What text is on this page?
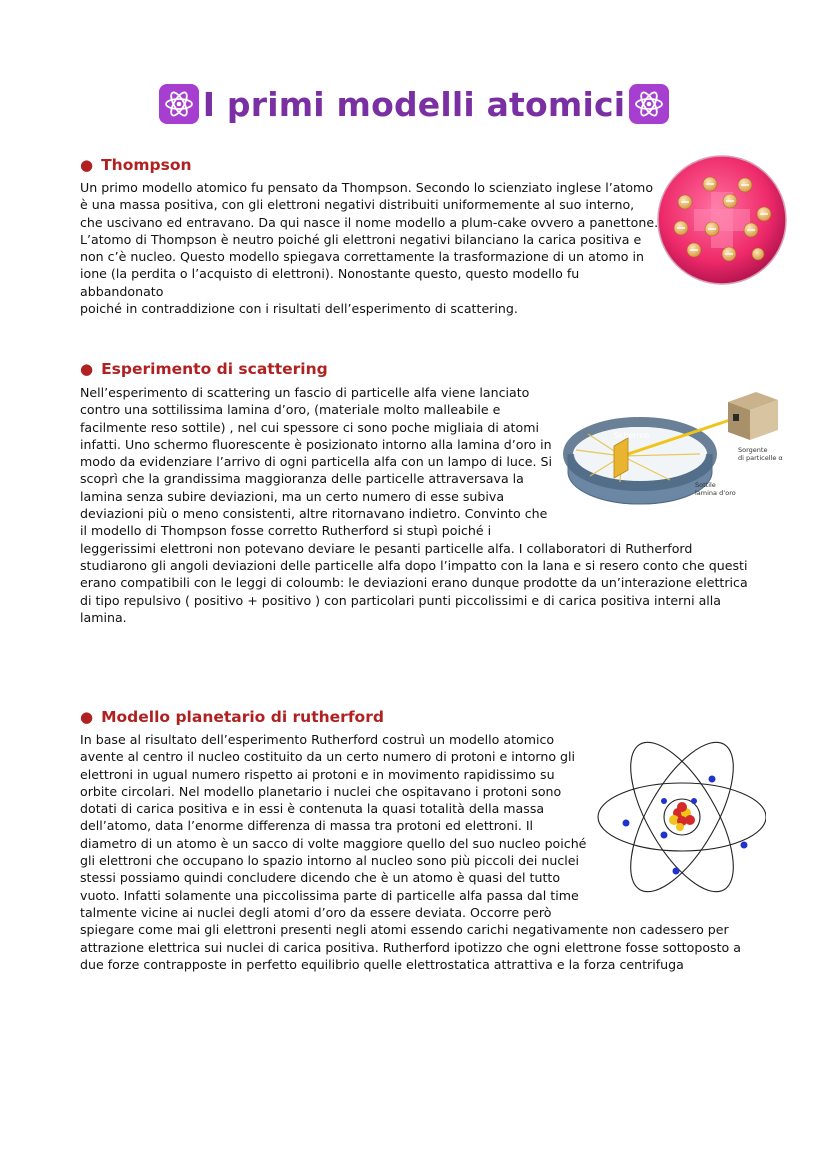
I primi modelli atomici
● Thompson

Un primo modello atomico fu pensato da Thompson. Secondo lo scienziato inglese l’atomo
è una massa positiva, con gli elettroni negativi distribuiti uniformemente al suo interno,
che uscivano ed entravano. Da qui nasce il nome modello a plum-cake ovvero a panettone.
L’atomo di Thompson è neutro poiché gli elettroni negativi bilanciano la carica positiva e
non c’è nucleo. Questo modello spiegava correttamente la trasformazione di un atomo in
ione (la perdita o l’acquisto di elettroni). Nonostante questo, questo modello fu abbandonato
poiché in contraddizione con i risultati dell’esperimento di scattering.

● Esperimento di scattering

Nell’esperimento di scattering un fascio di particelle alfa viene lanciato
contro una sottilissima lamina d’oro, (materiale molto malleabile e
facilmente reso sottile) , nel cui spessore ci sono poche migliaia di atomi
infatti. Uno schermo fluorescente è posizionato intorno alla lamina d’oro in
modo da evidenziare l’arrivo di ogni particella alfa con un lampo di luce. Si
scoprì che la grandissima maggioranza delle particelle attraversava la
lamina senza subire deviazioni, ma un certo numero di esse subiva
deviazioni più o meno consistenti, altre ritornavano indietro. Convinto che
il modello di Thompson fosse corretto Rutherford si stupì poiché i
leggerissimi elettroni non potevano deviare le pesanti particelle alfa. I collaboratori di Rutherford
studiarono gli angoli deviazioni delle particelle alfa dopo l’impatto con la lana e si resero conto che questi
erano compatibili con le leggi di coloumb: le deviazioni erano dunque prodotte da un’interazione elettrica
di tipo repulsivo ( positivo + positivo ) con particolari punti piccolissimi e di carica positiva interni alla
lamina.

Schermo
Sorgente
di particelle α
Sottile
lamina d’oro
● Modello planetario di rutherford

In base al risultato dell’esperimento Rutherford costruì un modello atomico
avente al centro il nucleo costituito da un certo numero di protoni e intorno gli
elettroni in ugual numero rispetto ai protoni e in movimento rapidissimo su
orbite circolari. Nel modello planetario i nuclei che ospitavano i protoni sono
dotati di carica positiva e in essi è contenuta la quasi totalità della massa
dell’atomo, data l’enorme differenza di massa tra protoni ed elettroni. Il
diametro di un atomo è un sacco di volte maggiore quello del suo nucleo poiché
gli elettroni che occupano lo spazio intorno al nucleo sono più piccoli dei nuclei
stessi possiamo quindi concludere dicendo che è un atomo è quasi del tutto
vuoto. Infatti solamente una piccolissima parte di particelle alfa passa dal time
talmente vicine ai nuclei degli atomi d’oro da essere deviata. Occorre però
spiegare come mai gli elettroni presenti negli atomi essendo carichi negativamente non cadessero per
attrazione elettrica sui nuclei di carica positiva. Rutherford ipotizzo che ogni elettrone fosse sottoposto a
due forze contrapposte in perfetto equilibrio quelle elettrostatica attrattiva e la forza centrifuga
